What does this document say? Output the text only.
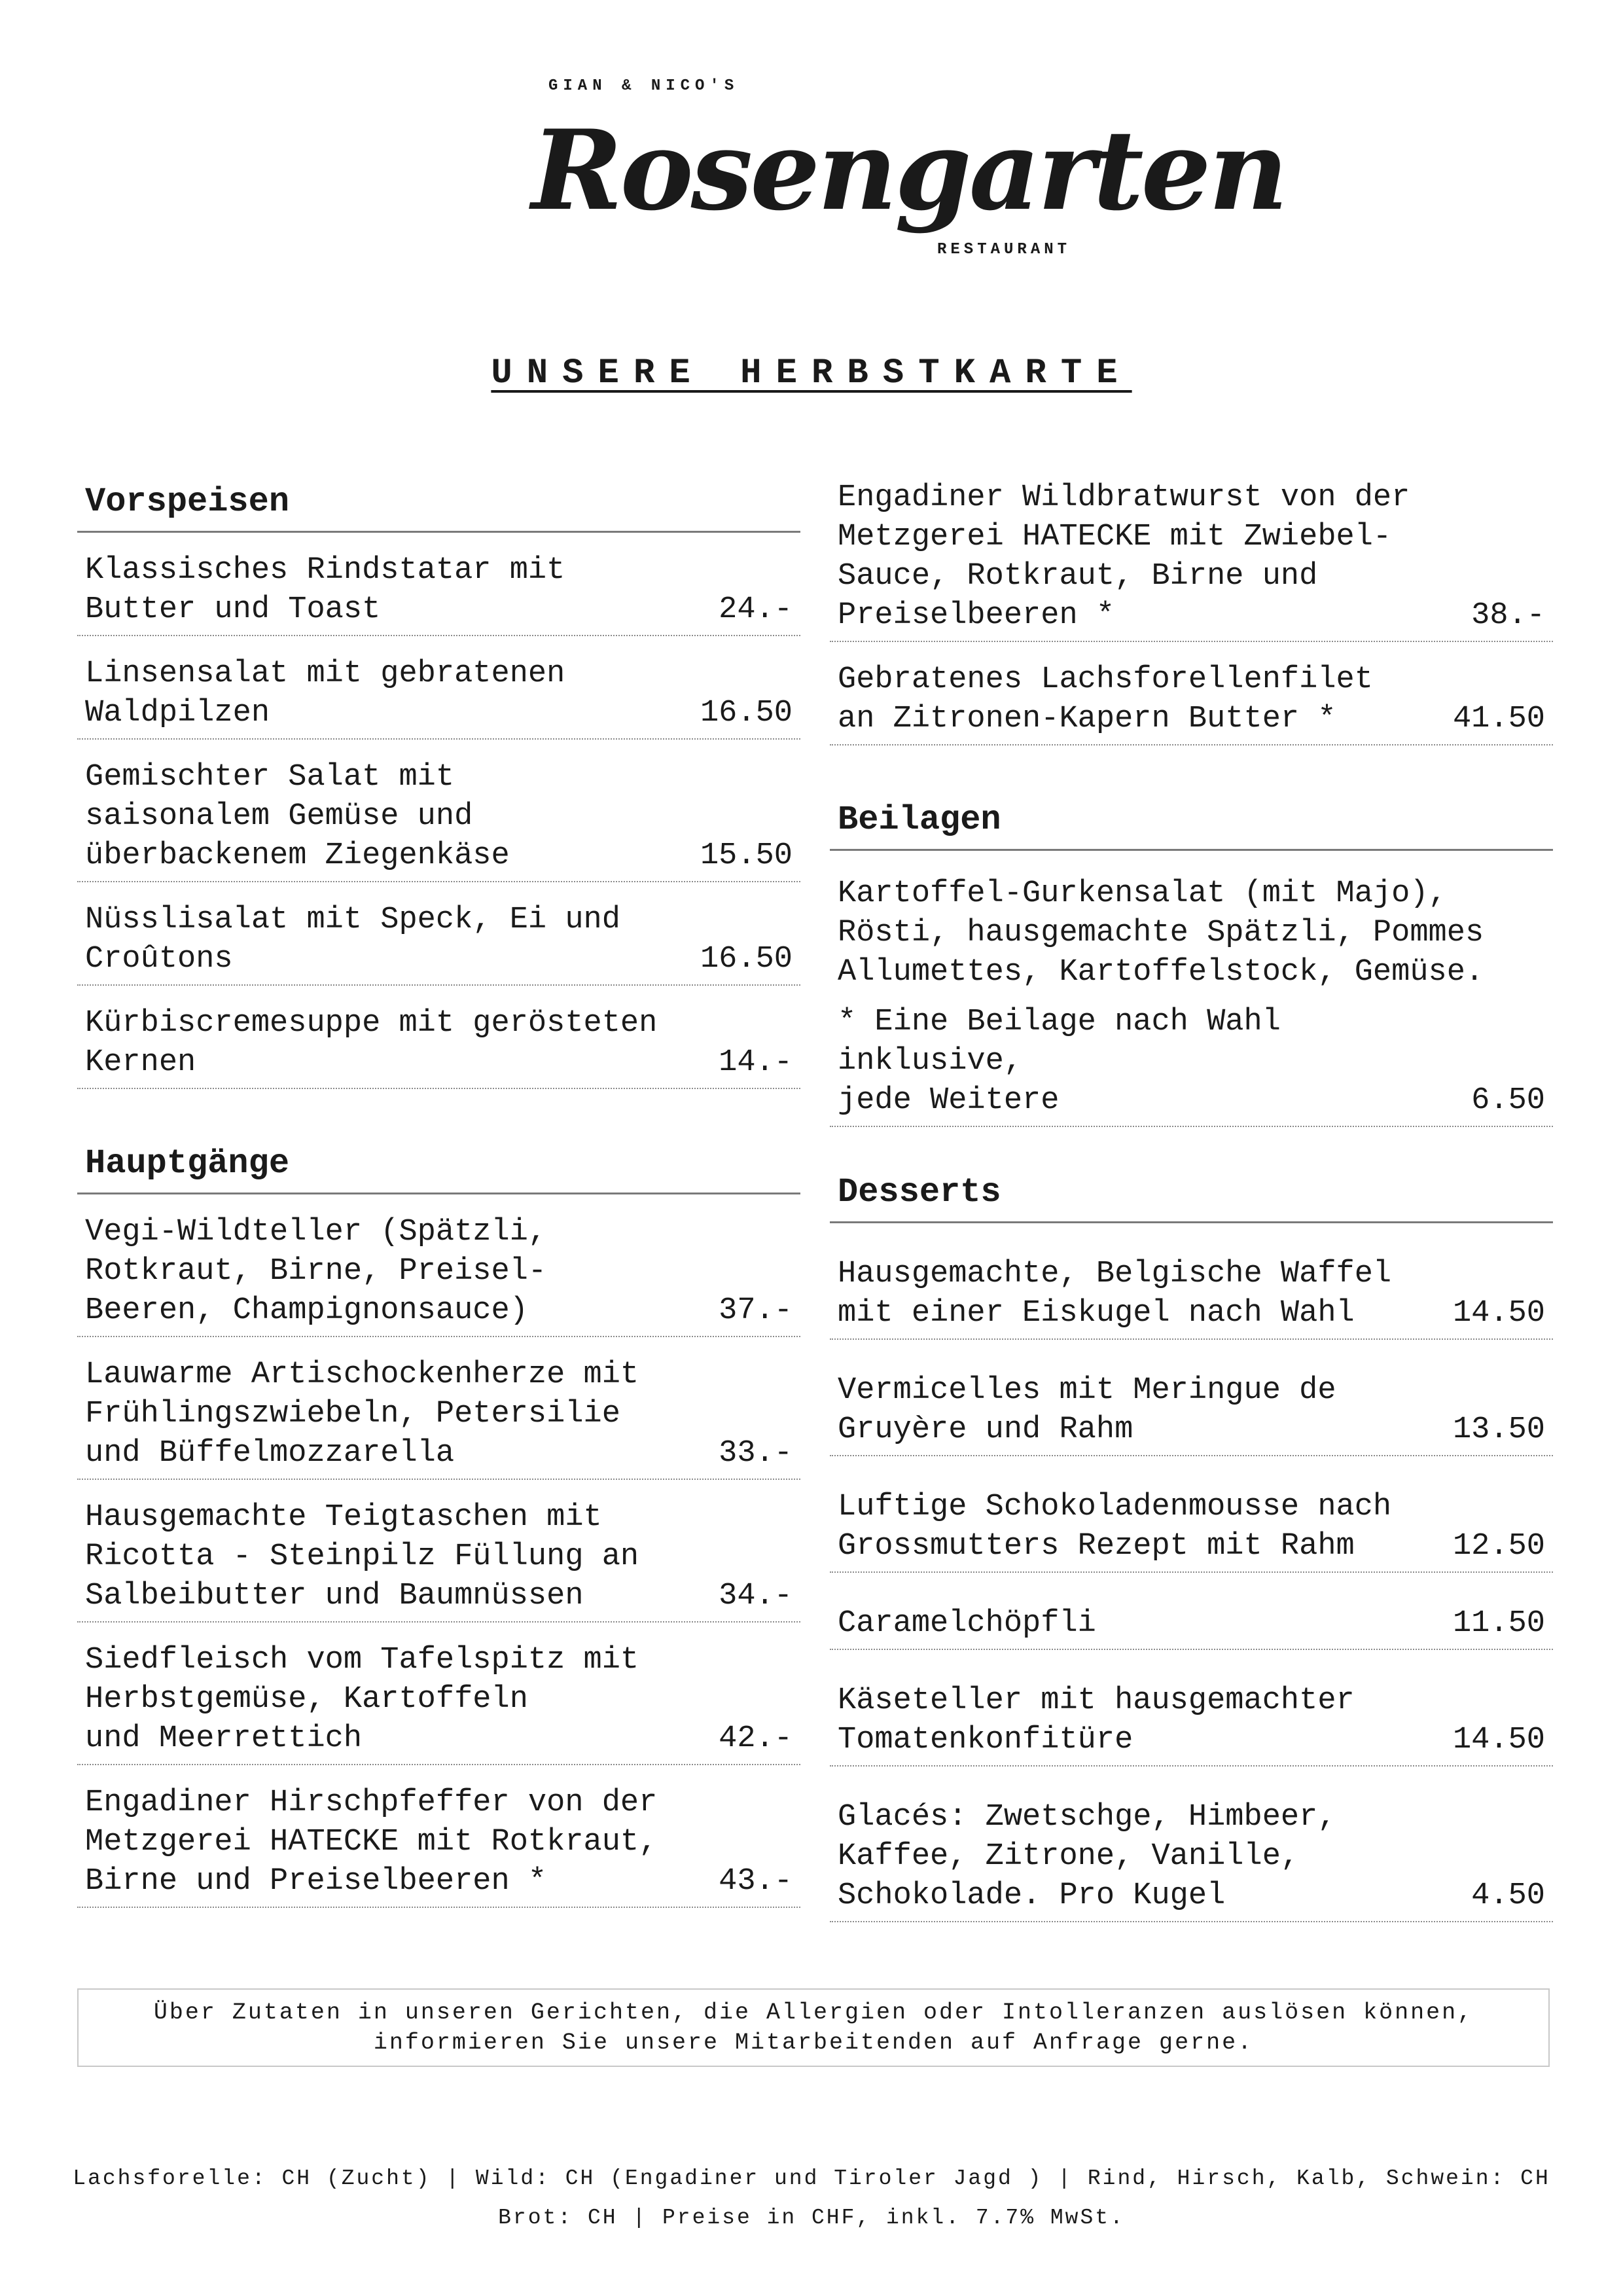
GIAN & NICO'S
Rosengarten
RESTAURANT
UNSERE HERBSTKARTE
Vorspeisen
Klassisches Rindstatar mit
Butter und Toast	24.-
Linsensalat mit gebratenen
Waldpilzen	16.50
Gemischter Salat mit
saisonalem Gemüse und
überbackenem Ziegenkäse	15.50
Nüsslisalat mit Speck, Ei und
Croûtons	16.50
Kürbiscremesuppe mit gerösteten
Kernen	14.-
Hauptgänge
Vegi-Wildteller (Spätzli,
Rotkraut, Birne, Preisel-
Beeren, Champignonsauce)	37.-
Lauwarme Artischockenherze mit
Frühlingszwiebeln, Petersilie
und Büffelmozzarella	33.-
Hausgemachte Teigtaschen mit
Ricotta - Steinpilz Füllung an
Salbeibutter und Baumnüssen	34.-
Siedfleisch vom Tafelspitz mit
Herbstgemüse, Kartoffeln
und Meerrettich	42.-
Engadiner Hirschpfeffer von der
Metzgerei HATECKE mit Rotkraut,
Birne und Preiselbeeren *	43.-
Engadiner Wildbratwurst von der
Metzgerei HATECKE mit Zwiebel-
Sauce, Rotkraut, Birne und
Preiselbeeren *	38.-
Gebratenes Lachsforellenfilet
an Zitronen-Kapern Butter *	41.50
Beilagen
Kartoffel-Gurkensalat (mit Majo),
Rösti, hausgemachte Spätzli, Pommes
Allumettes, Kartoffelstock, Gemüse.
* Eine Beilage nach Wahl inklusive,
jede Weitere	6.50
Desserts
Hausgemachte, Belgische Waffel
mit einer Eiskugel nach Wahl	14.50
Vermicelles mit Meringue de
Gruyère und Rahm	13.50
Luftige Schokoladenmousse nach
Grossmutters Rezept mit Rahm	12.50
Caramelchöpfli	11.50
Käseteller mit hausgemachter
Tomatenkonfitüre	14.50
Glacés: Zwetschge, Himbeer,
Kaffee, Zitrone, Vanille,
Schokolade. Pro Kugel	4.50
Über Zutaten in unseren Gerichten, die Allergien oder Intolleranzen auslösen können,
informieren Sie unsere Mitarbeitenden auf Anfrage gerne.
Lachsforelle: CH (Zucht) | Wild: CH (Engadiner und Tiroler Jagd ) | Rind, Hirsch, Kalb, Schwein: CH
Brot: CH | Preise in CHF, inkl. 7.7% MwSt.
